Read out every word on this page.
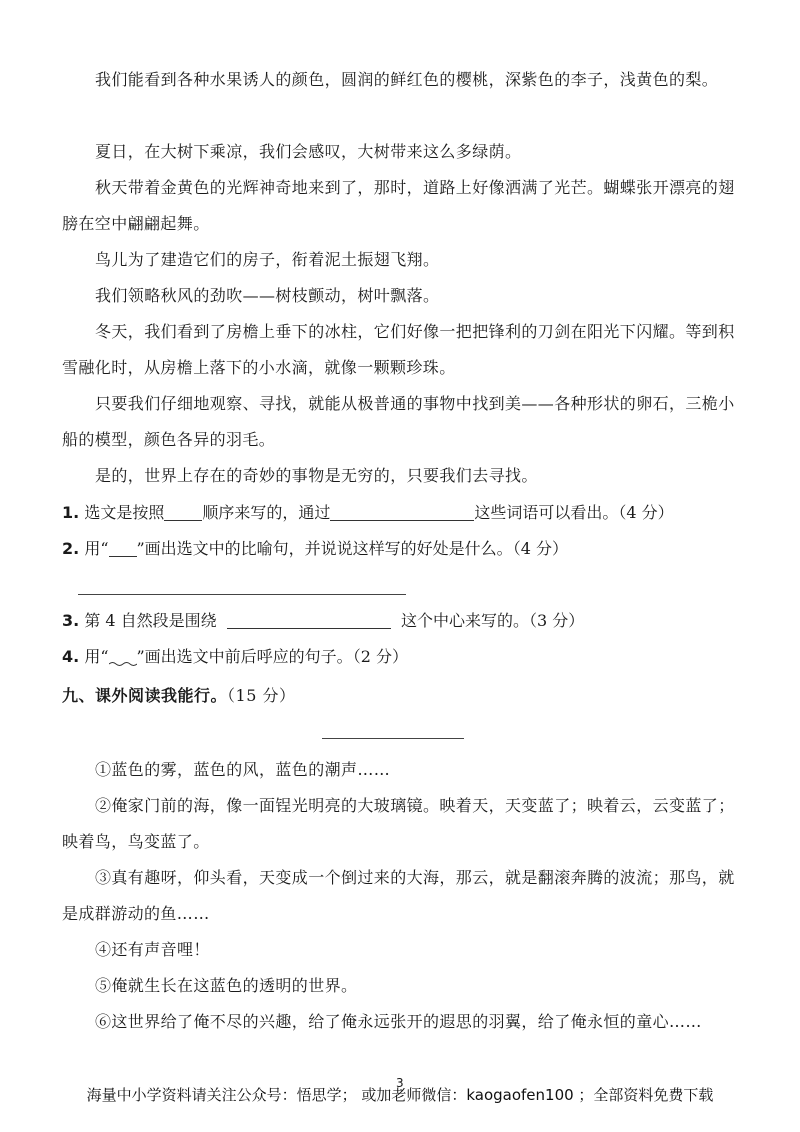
我们能看到各种水果诱人的颜色，圆润的鲜红色的樱桃，深紫色的李子，浅黄色的梨。
夏日，在大树下乘凉，我们会感叹，大树带来这么多绿荫。
秋天带着金黄色的光辉神奇地来到了，那时，道路上好像洒满了光芒。蝴蝶张开漂亮的翅膀在空中翩翩起舞。
鸟儿为了建造它们的房子，衔着泥土振翅飞翔。
我们领略秋风的劲吹——树枝颤动，树叶飘落。
冬天，我们看到了房檐上垂下的冰柱，它们好像一把把锋利的刀剑在阳光下闪耀。等到积雪融化时，从房檐上落下的小水滴，就像一颗颗珍珠。
只要我们仔细地观察、寻找，就能从极普通的事物中找到美——各种形状的卵石，三桅小船的模型，颜色各异的羽毛。
是的，世界上存在的奇妙的事物是无穷的，只要我们去寻找。
1. 选文是按照 顺序来写的，通过	这些词语可以看出。（4 分）
2. 用“ ”画出选文中的比喻句，并说说这样写的好处是什么。（4 分）
3. 第 4 自然段是围绕	这个中心来写的。（3 分）
4. 用“ ”画出选文中前后呼应的句子。（2 分）
九、课外阅读我能行。（15 分）
①蓝色的雾，蓝色的风，蓝色的潮声……
②俺家门前的海，像一面锃光明亮的大玻璃镜。映着天，天变蓝了；映着云，云变蓝了；映着鸟，鸟变蓝了。
③真有趣呀，仰头看，天变成一个倒过来的大海，那云，就是翻滚奔腾的波流；那鸟，就是成群游动的鱼……
④还有声音哩！
⑤俺就生长在这蓝色的透明的世界。
⑥这世界给了俺不尽的兴趣，给了俺永远张开的遐思的羽翼，给了俺永恒的童心……
3
海量中小学资料请关注公众号：悟思学； 或加老师微信：kaogaofen100 ；全部资料免费下载
